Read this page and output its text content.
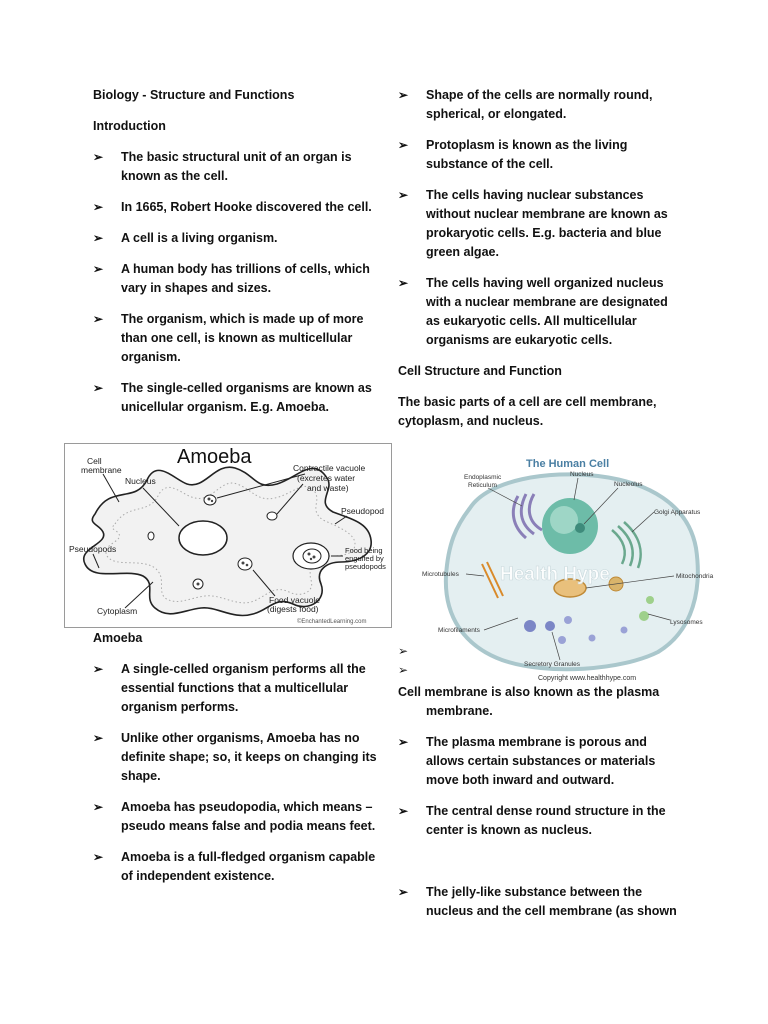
Biology - Structure and Functions

Introduction

➢ The basic structural unit of an organ is known as the cell.
➢ In 1665, Robert Hooke discovered the cell.
➢ A cell is a living organism.
➢ A human body has trillions of cells, which vary in shapes and sizes.
➢ The organism, which is made up of more than one cell, is known as multicellular organism.
➢ The single-celled organisms are known as unicellular organism. E.g. Amoeba.
Amoeba
Cell
membrane
Nucleus
Contractile vacuole
(excretes water
and waste)
Pseudopod
Pseudopods	Food being
engulfed by
pseudopods
Cytoplasm
Food vacuole
(digests food)
©EnchantedLearning.com

Amoeba

➢ A single-celled organism performs all the essential functions that a multicellular organism performs.
➢ Unlike other organisms, Amoeba has no definite shape; so, it keeps on changing its shape.
➢ Amoeba has pseudopodia, which means – pseudo means false and podia means feet.
➢ Amoeba is a full-fledged organism capable of independent existence.
➢ Shape of the cells are normally round, spherical, or elongated.
➢ Protoplasm is known as the living substance of the cell.
➢ The cells having nuclear substances without nuclear membrane are known as prokaryotic cells. E.g. bacteria and blue green algae.
➢ The cells having well organized nucleus with a nuclear membrane are designated as eukaryotic cells. All multicellular organisms are eukaryotic cells.

Cell Structure and Function

The basic parts of a cell are cell membrane, cytoplasm, and nucleus.

The Human Cell
Health Hype
Endoplasmic
Reticulum
Nucleus
Nucleolus
Golgi Apparatus
Microtubules	Mitochondria
Lysosomes
Microfilaments
Secretory Granules
Copyright www.healthhype.com
➢
➢

Cell membrane is also known as the plasma membrane.

➢ The plasma membrane is porous and allows certain substances or materials move both inward and outward.
➢ The central dense round structure in the center is known as nucleus.
➢ The jelly-like substance between the nucleus and the cell membrane (as shown
